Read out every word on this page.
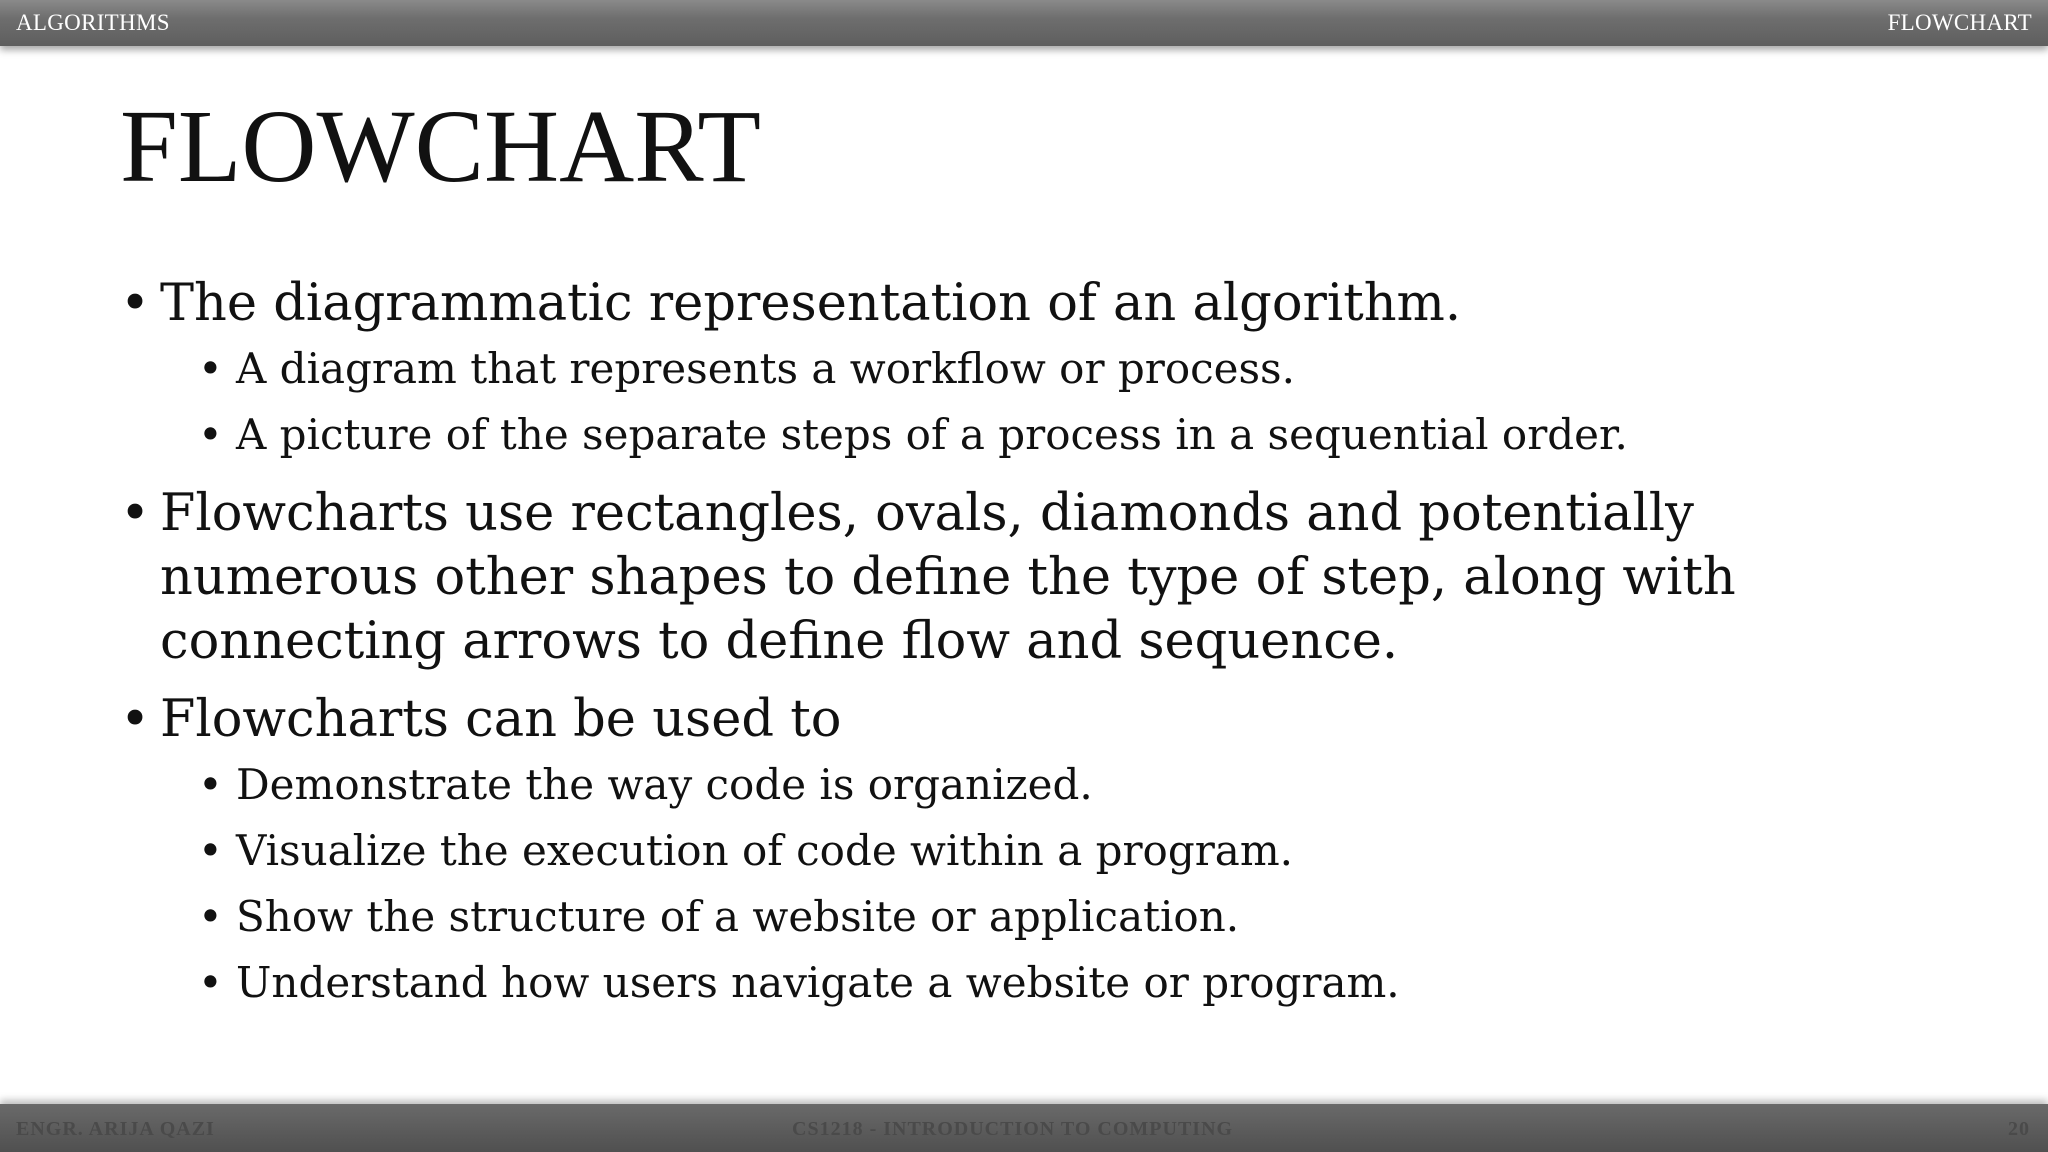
ALGORITHMS	FLOWCHART
FLOWCHART

• The diagrammatic representation of an algorithm.

• A diagram that represents a workflow or process.

• A picture of the separate steps of a process in a sequential order.

• Flowcharts use rectangles, ovals, diamonds and potentially numerous other shapes to define the type of step, along with connecting arrows to define flow and sequence.

• Flowcharts can be used to

• Demonstrate the way code is organized.

• Visualize the execution of code within a program.

• Show the structure of a website or application.

• Understand how users navigate a website or program.

ENGR. ARIJA QAZI	CS1218 - INTRODUCTION TO COMPUTING	20
